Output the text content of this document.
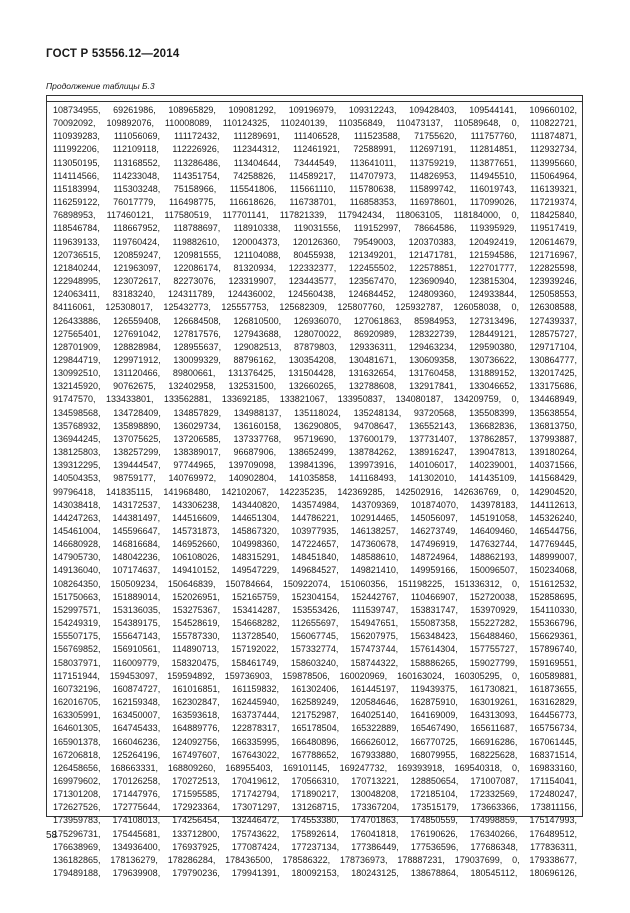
ГОСТ Р 53556.12—2014
Продолжение таблицы Б.3
108734955, 69261986, 108965829, 109081292, 109196979, 109312243, 109428403, 109544141, 109660102,
70092092, 109892076, 110008089, 110124325, 110240139, 110356849, 110473137, 110589648, 0, 110822721,
110939283, 111056069, 111172432, 111289691, 111406528, 111523588, 71755620, 111757760, 111874871,
111992206, 112109118, 112226926, 112344312, 112461921, 72588991, 112697191, 112814851, 112932734,
113050195, 113168552, 113286486, 113404644, 73444549, 113641011, 113759219, 113877651, 113995660,
114114566, 114233048, 114351754, 74258826, 114589217, 114707973, 114826953, 114945510, 115064964,
115183994, 115303248, 75158966, 115541806, 115661110, 115780638, 115899742, 116019743, 116139321,
116259122, 76017779, 116498775, 116618626, 116738701, 116858353, 116978601, 117099026, 117219374,
76898953, 117460121, 117580519, 117701141, 117821339, 117942434, 118063105, 118184000, 0, 118425840,
118546784, 118667952, 118788697, 118910338, 119031556, 119152997, 78664586, 119395929, 119517419,
119639133, 119760424, 119882610, 120004373, 120126360, 79549003, 120370383, 120492419, 120614679,
120736515, 120859247, 120981555, 121104088, 80455938, 121349201, 121471781, 121594586, 121716967,
121840244, 121963097, 122086174, 81320934, 122332377, 122455502, 122578851, 122701777, 122825598,
122948995, 123072617, 82273076, 123319907, 123443577, 123567470, 123690940, 123815304, 123939246,
124063411, 83183240, 124311789, 124436002, 124560438, 124684452, 124809360, 124933844, 125058553,
84116061, 125308017, 125432773, 125557753, 125682309, 125807760, 125932787, 126058038, 0, 126308588,
126433886, 126559408, 126684508, 126810500, 126936070, 127061863, 85984953, 127313496, 127439337,
127565401, 127691042, 127817576, 127943688, 128070022, 86920989, 128322739, 128449121, 128575727,
128701909, 128828984, 128955637, 129082513, 87879803, 129336311, 129463234, 129590380, 129717104,
129844719, 129971912, 130099329, 88796162, 130354208, 130481671, 130609358, 130736622, 130864777,
130992510, 131120466, 89800661, 131376425, 131504428, 131632654, 131760458, 131889152, 132017425,
132145920, 90762675, 132402958, 132531500, 132660265, 132788608, 132917841, 133046652, 133175686,
91747570, 133433801, 133562881, 133692185, 133821067, 133950837, 134080187, 134209759, 0, 134468949,
134598568, 134728409, 134857829, 134988137, 135118024, 135248134, 93720568, 135508399, 135638554,
135768932, 135898890, 136029734, 136160158, 136290805, 94708647, 136552143, 136682836, 136813750,
136944245, 137075625, 137206585, 137337768, 95719690, 137600179, 137731407, 137862857, 137993887,
138125803, 138257299, 138389017, 96687906, 138652499, 138784262, 138916247, 139047813, 139180264,
139312295, 139444547, 97744965, 139709098, 139841396, 139973916, 140106017, 140239001, 140371566,
140504353, 98759177, 140769972, 140902804, 141035858, 141168493, 141302010, 141435109, 141568429,
99796418, 141835115, 141968480, 142102067, 142235235, 142369285, 142502916, 142636769, 0, 142904520,
143038418, 143172537, 143306238, 143440820, 143574984, 143709369, 101874070, 143978183, 144112613,
144247263, 144381497, 144516609, 144651304, 144786221, 102914465, 145056097, 145191058, 145326240,
145461004, 145596647, 145731873, 145867320, 103977935, 146138257, 146273749, 146409460, 146544756,
146680928, 146816684, 146952660, 104998360, 147224657, 147360678, 147496919, 147632744, 147769445,
147905730, 148042236, 106108026, 148315291, 148451840, 148588610, 148724964, 148862193, 148999007,
149136040, 107174637, 149410152, 149547229, 149684527, 149821410, 149959166, 150096507, 150234068,
108264350, 150509234, 150646839, 150784664, 150922074, 151060356, 151198225, 151336312, 0, 151612532,
151750663, 151889014, 152026951, 152165759, 152304154, 152442767, 110466907, 152720038, 152858695,
152997571, 153136035, 153275367, 153414287, 153553426, 111539747, 153831747, 153970929, 154110330,
154249319, 154389175, 154528619, 154668282, 112655697, 154947651, 155087358, 155227282, 155366796,
155507175, 155647143, 155787330, 113728540, 156067745, 156207975, 156348423, 156488460, 156629361,
156769852, 156910561, 114890713, 157192022, 157332774, 157473744, 157614304, 157755727, 157896740,
158037971, 116009779, 158320475, 158461749, 158603240, 158744322, 158886265, 159027799, 159169551,
117151944, 159453097, 159594892, 159736903, 159878506, 160020969, 160163024, 160305295, 0, 160589881,
160732196, 160874727, 161016851, 161159832, 161302406, 161445197, 119439375, 161730821, 161873655,
162016705, 162159348, 162302847, 162445940, 162589249, 120584646, 162875910, 163019261, 163162829,
163305991, 163450007, 163593618, 163737444, 121752987, 164025140, 164169009, 164313093, 164456773,
164601305, 164745433, 164889776, 122878317, 165178504, 165322889, 165467490, 165611687, 165756734,
165901378, 166046236, 124092756, 166335995, 166480896, 166626012, 166770725, 166916286, 167061445,
167206818, 125264196, 167497607, 167643022, 167788652, 167933880, 168079955, 168225628, 168371514,
126458656, 168663331, 168809260, 168955403, 169101145, 169247732, 169393918, 169540318, 0, 169833160,
169979602, 170126258, 170272513, 170419612, 170566310, 170713221, 128850654, 171007087, 171154041,
171301208, 171447976, 171595585, 171742794, 171890217, 130048208, 172185104, 172332569, 172480247,
172627526, 172775644, 172923364, 173071297, 131268715, 173367204, 173515179, 173663366, 173811156,
173959783, 174108013, 174256454, 132446472, 174553380, 174701863, 174850559, 174998859, 175147993,
175296731, 175445681, 133712800, 175743622, 175892614, 176041818, 176190626, 176340266, 176489512,
176638969, 134936400, 176937925, 177087424, 177237134, 177386449, 177536596, 177686348, 177836311,
136182865, 178136279, 178286284, 178436500, 178586322, 178736973, 178887231, 179037699, 0, 179338677,
179489188, 179639908, 179790236, 179941391, 180092153, 180243125, 138678864, 180545112, 180696126,
58
